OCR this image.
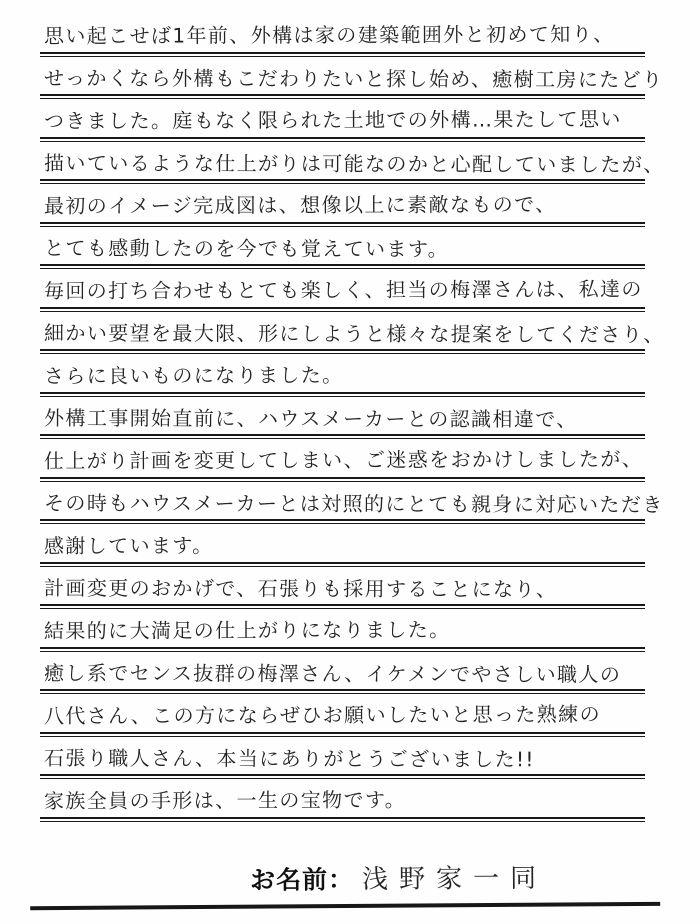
思い起こせば1年前、外構は家の建築範囲外と初めて知り、
せっかくなら外構もこだわりたいと探し始め、癒樹工房にたどり
つきました。庭もなく限られた土地での外構…果たして思い
描いているような仕上がりは可能なのかと心配していましたが、
最初のイメージ完成図は、想像以上に素敵なもので、
とても感動したのを今でも覚えています。
毎回の打ち合わせもとても楽しく、担当の梅澤さんは、私達の
細かい要望を最大限、形にしようと様々な提案をしてくださり、
さらに良いものになりました。
外構工事開始直前に、ハウスメーカーとの認識相違で、
仕上がり計画を変更してしまい、ご迷惑をおかけしましたが、
その時もハウスメーカーとは対照的にとても親身に対応いただき
感謝しています。
計画変更のおかげで、石張りも採用することになり、
結果的に大満足の仕上がりになりました。
癒し系でセンス抜群の梅澤さん、イケメンでやさしい職人の
八代さん、この方にならぜひお願いしたいと思った熟練の
石張り職人さん、本当にありがとうございました!!
家族全員の手形は、一生の宝物です。
お名前： 浅野家一同
